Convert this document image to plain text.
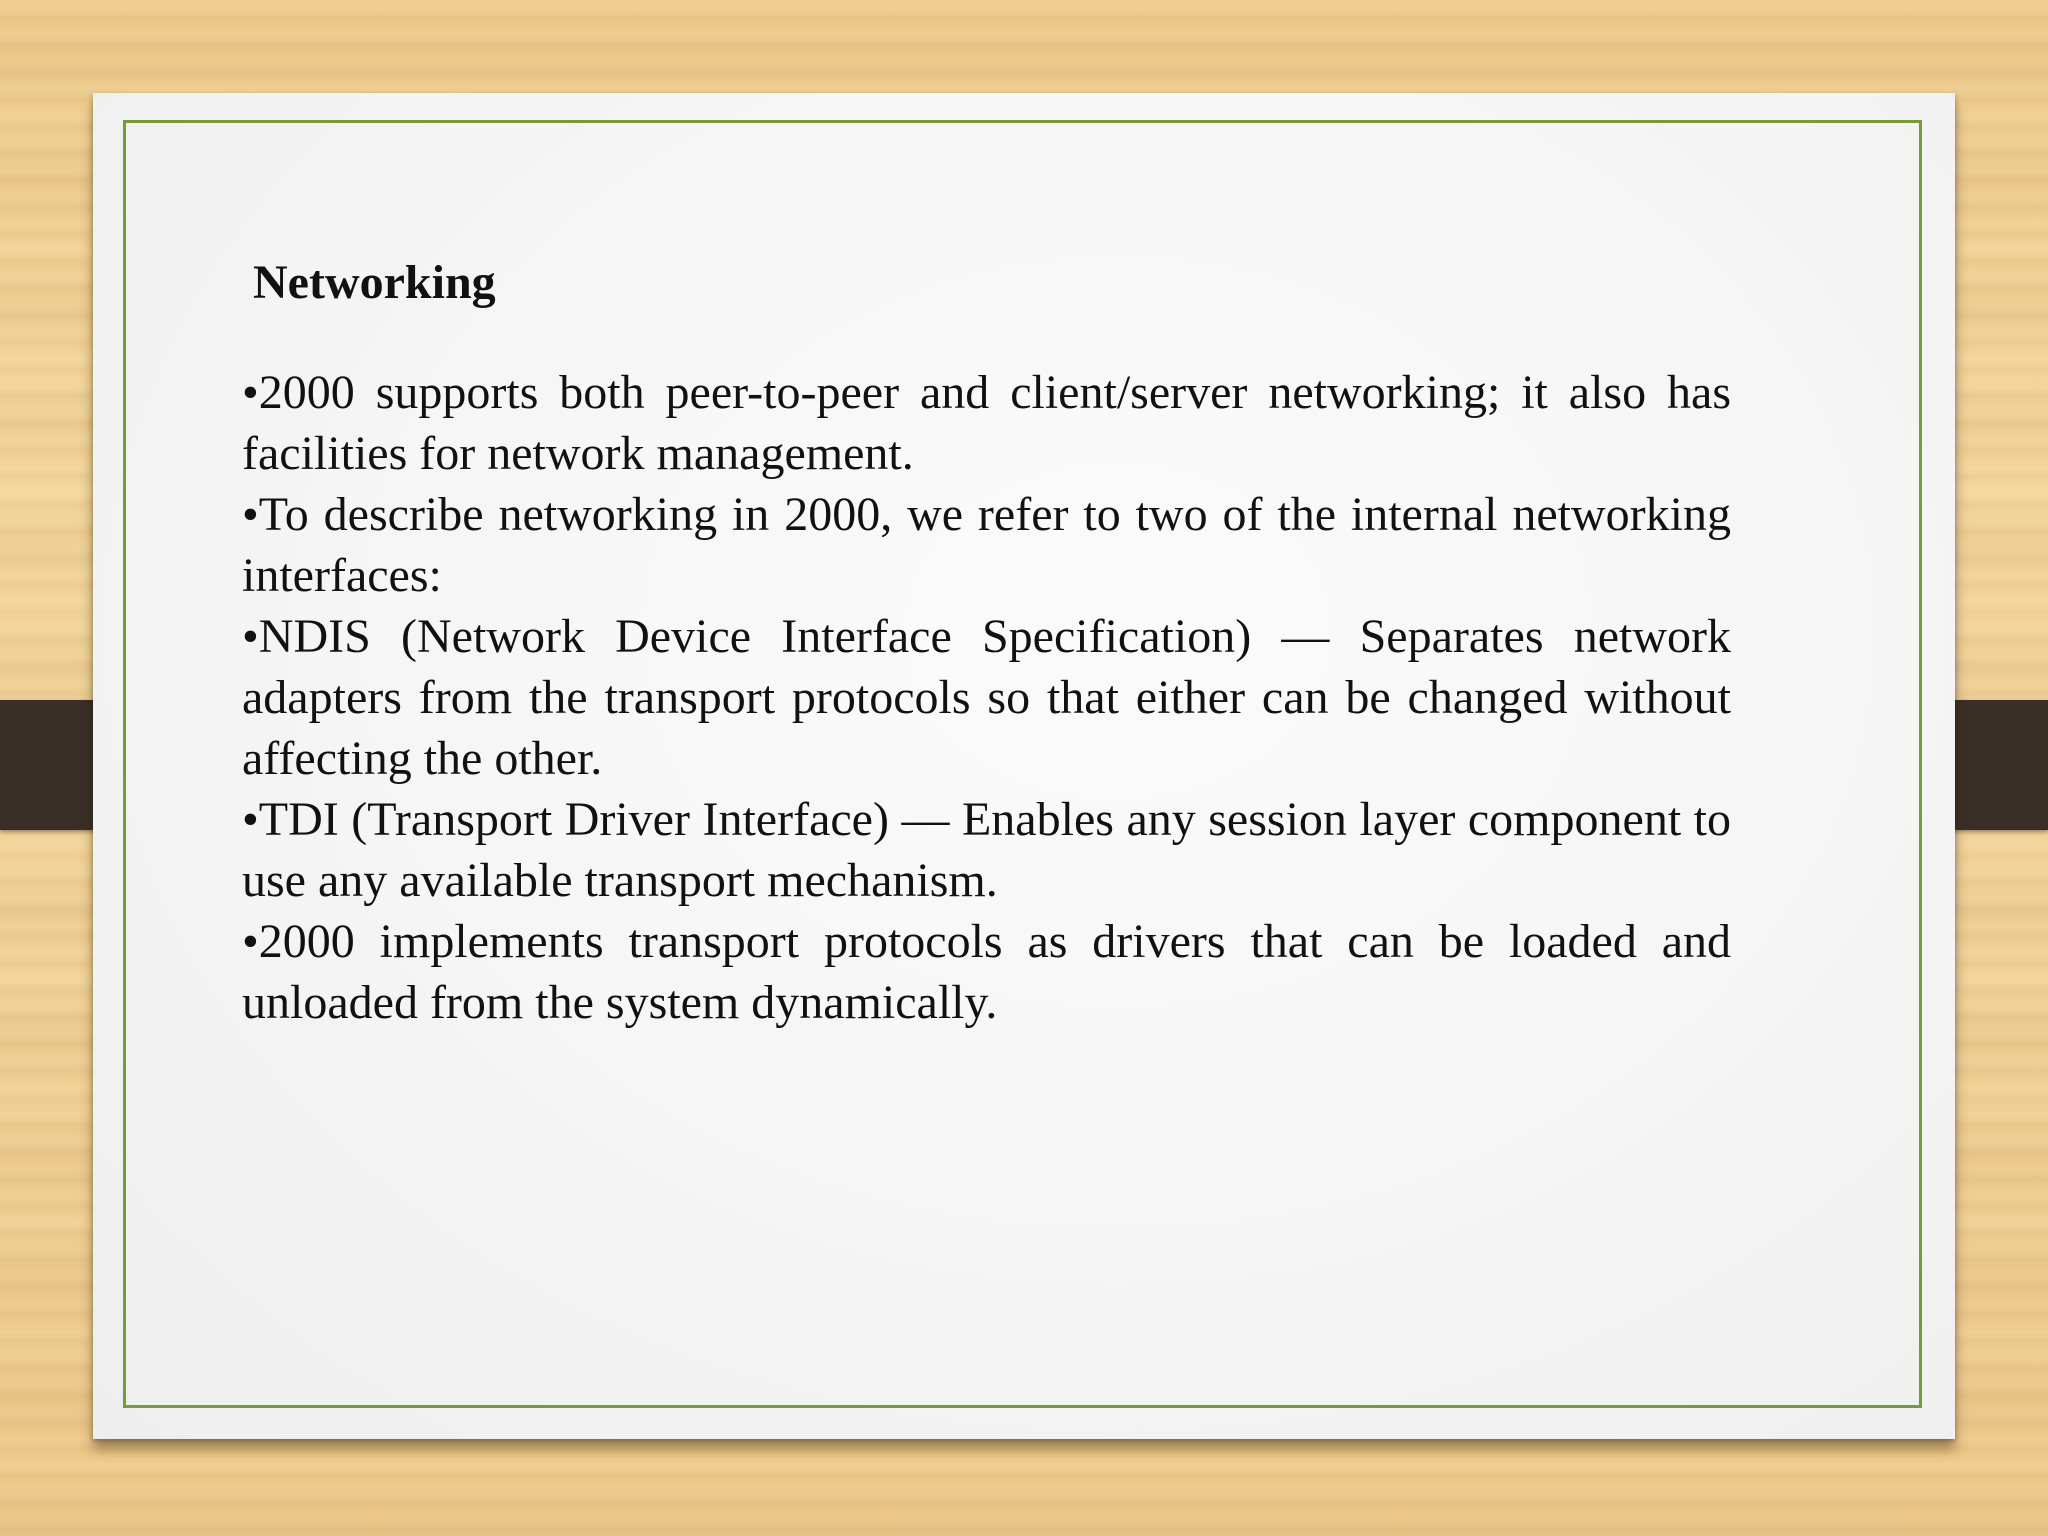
Networking

•2000 supports both peer-to-peer and client/server networking; it also has facilities for network management.

•To describe networking in 2000, we refer to two of the internal networking interfaces:

•NDIS (Network Device Interface Specification) — Separates network adapters from the transport protocols so that either can be changed without affecting the other.

•TDI (Transport Driver Interface) — Enables any session layer component to use any available transport mechanism.

•2000 implements transport protocols as drivers that can be loaded and unloaded from the system dynamically.
